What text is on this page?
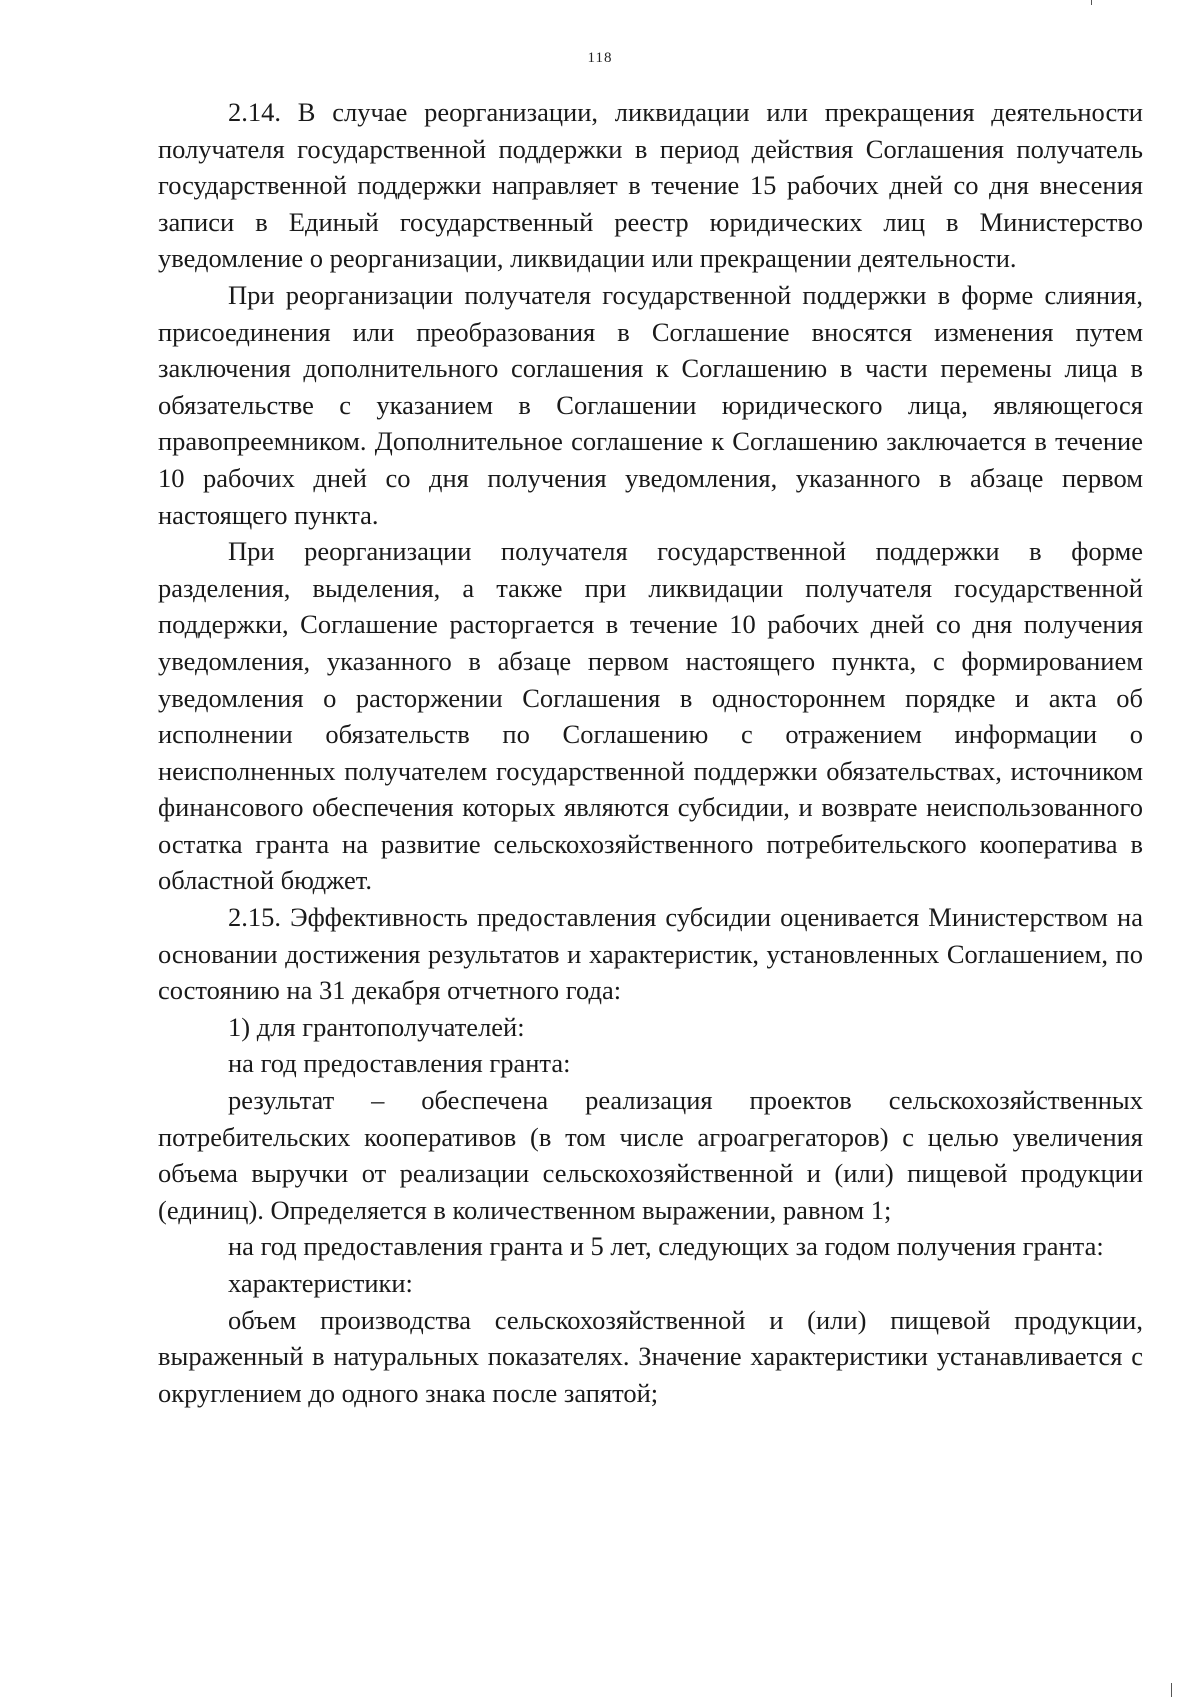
118

2.14. В случае реорганизации, ликвидации или прекращения деятельности получателя государственной поддержки в период действия Соглашения получатель государственной поддержки направляет в течение 15 рабочих дней со дня внесения записи в Единый государственный реестр юридических лиц в Министерство уведомление о реорганизации, ликвидации или прекращении деятельности.

При реорганизации получателя государственной поддержки в форме слияния, присоединения или преобразования в Соглашение вносятся изменения путем заключения дополнительного соглашения к Соглашению в части перемены лица в обязательстве с указанием в Соглашении юридического лица, являющегося правопреемником. Дополнительное соглашение к Соглашению заключается в течение 10 рабочих дней со дня получения уведомления, указанного в абзаце первом настоящего пункта.

При реорганизации получателя государственной поддержки в форме разделения, выделения, а также при ликвидации получателя государственной поддержки, Соглашение расторгается в течение 10 рабочих дней со дня получения уведомления, указанного в абзаце первом настоящего пункта, с формированием уведомления о расторжении Соглашения в одностороннем порядке и акта об исполнении обязательств по Соглашению с отражением информации о неисполненных получателем государственной поддержки обязательствах, источником финансового обеспечения которых являются субсидии, и возврате неиспользованного остатка гранта на развитие сельскохозяйственного потребительского кооператива в областной бюджет.

2.15. Эффективность предоставления субсидии оценивается Министерством на основании достижения результатов и характеристик, установленных Соглашением, по состоянию на 31 декабря отчетного года:

1) для грантополучателей:

на год предоставления гранта:

результат – обеспечена реализация проектов сельскохозяйственных потребительских кооперативов (в том числе агроагрегаторов) с целью увеличения объема выручки от реализации сельскохозяйственной и (или) пищевой продукции (единиц). Определяется в количественном выражении, равном 1;

на год предоставления гранта и 5 лет, следующих за годом получения гранта:

характеристики:

объем производства сельскохозяйственной и (или) пищевой продукции, выраженный в натуральных показателях. Значение характеристики устанавливается с округлением до одного знака после запятой;
